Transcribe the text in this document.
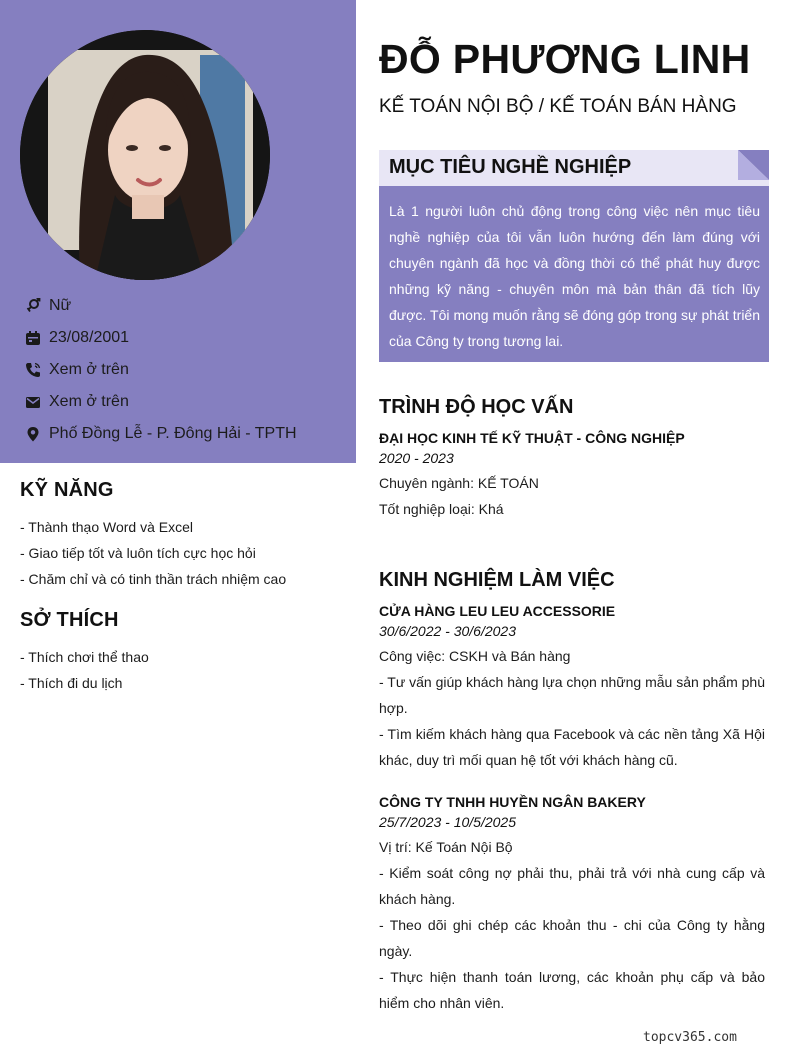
Nữ
23/08/2001
Xem ở trên
Xem ở trên
Phố Đồng Lễ - P. Đông Hải - TPTH
KỸ NĂNG
- Thành thạo Word và Excel
- Giao tiếp tốt và luôn tích cực học hỏi
- Chăm chỉ và có tinh thần trách nhiệm cao
SỞ THÍCH
- Thích chơi thể thao
- Thích đi du lịch
ĐỖ PHƯƠNG LINH
KẾ TOÁN NỘI BỘ / KẾ TOÁN BÁN HÀNG
MỤC TIÊU NGHỀ NGHIỆP

Là 1 người luôn chủ động trong công việc nên mục tiêu nghề nghiệp của tôi vẫn luôn hướng đến làm đúng với chuyên ngành đã học và đồng thời có thể phát huy được những kỹ năng - chuyên môn mà bản thân đã tích lũy được. Tôi mong muốn rằng sẽ đóng góp trong sự phát triển của Công ty trong tương lai.

TRÌNH ĐỘ HỌC VẤN
ĐẠI HỌC KINH TẾ KỸ THUẬT - CÔNG NGHIỆP
2020 - 2023
Chuyên ngành: KẾ TOÁN
Tốt nghiệp loại: Khá
KINH NGHIỆM LÀM VIỆC
CỬA HÀNG LEU LEU ACCESSORIE
30/6/2022 - 30/6/2023
Công việc: CSKH và Bán hàng
- Tư vấn giúp khách hàng lựa chọn những mẫu sản phẩm phù hợp.
- Tìm kiếm khách hàng qua Facebook và các nền tảng Xã Hội khác, duy trì mối quan hệ tốt với khách hàng cũ.
CÔNG TY TNHH HUYỀN NGÂN BAKERY
25/7/2023 - 10/5/2025
Vị trí: Kế Toán Nội Bộ
- Kiểm soát công nợ phải thu, phải trả với nhà cung cấp và khách hàng.
- Theo dõi ghi chép các khoản thu - chi của Công ty hằng ngày.
- Thực hiện thanh toán lương, các khoản phụ cấp và bảo hiểm cho nhân viên.
topcv365.com
